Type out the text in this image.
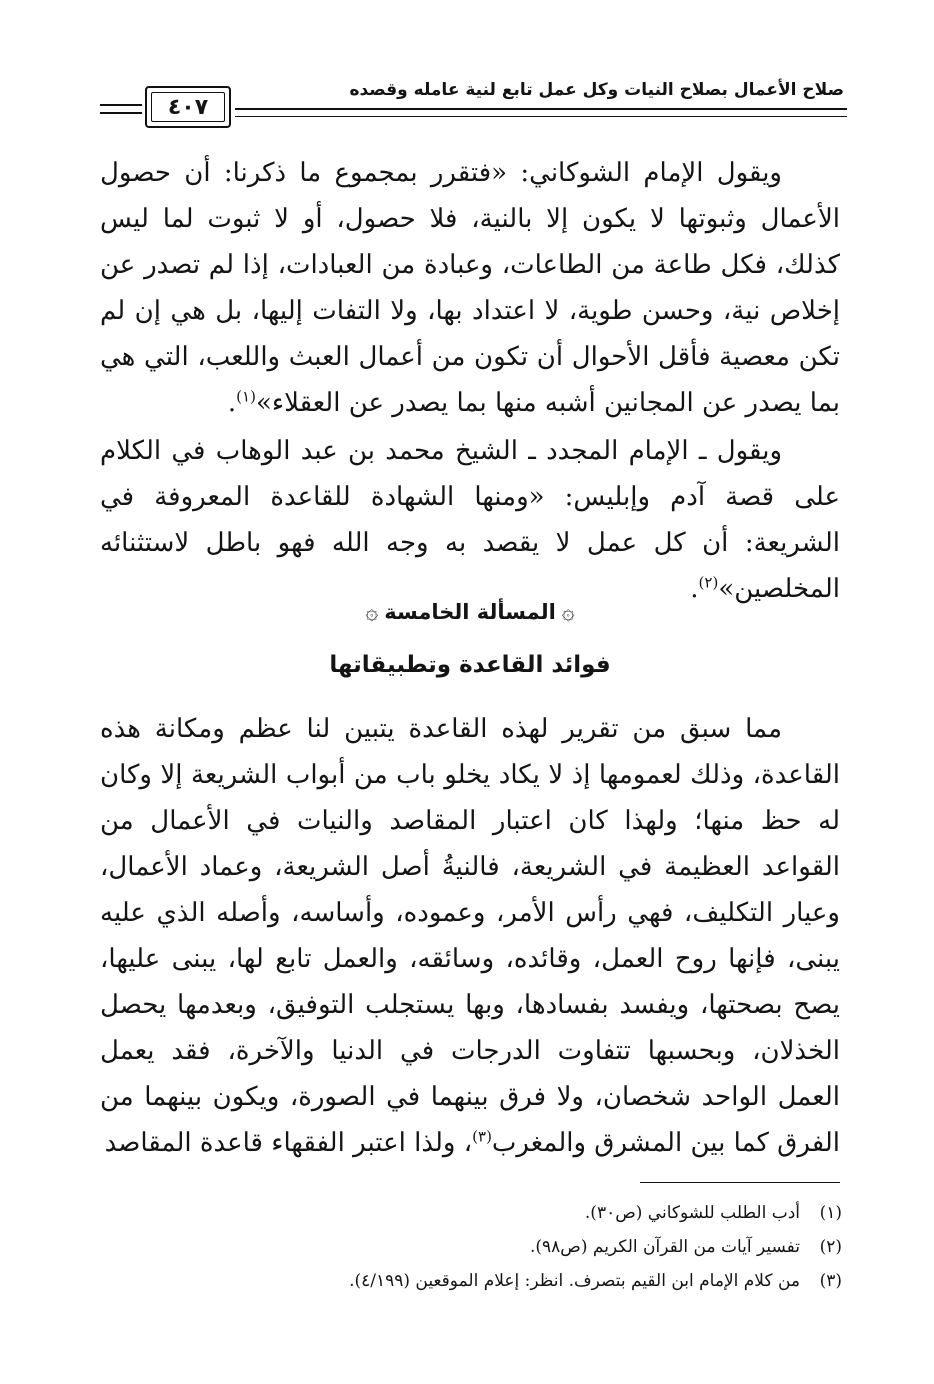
صلاح الأعمال بصلاح النيات وكل عمل تابع لنية عامله وقصده
٤٠٧

ويقول الإمام الشوكاني: «فتقرر بمجموع ما ذكرنا: أن حصول الأعمال وثبوتها لا يكون إلا بالنية، فلا حصول، أو لا ثبوت لما ليس كذلك، فكل طاعة من الطاعات، وعبادة من العبادات، إذا لم تصدر عن إخلاص نية، وحسن طوية، لا اعتداد بها، ولا التفات إليها، بل هي إن لم تكن معصية فأقل الأحوال أن تكون من أعمال العبث واللعب، التي هي بما يصدر عن المجانين أشبه منها بما يصدر عن العقلاء»$^{(١)}$.

ويقول ـ الإمام المجدد ـ الشيخ محمد بن عبد الوهاب في الكلام على قصة آدم وإبليس: «ومنها الشهادة للقاعدة المعروفة في الشريعة: أن كل عمل لا يقصد به وجه الله فهو باطل لاستثنائه المخلصين»$^{(٢)}$.

۞المسألة الخامسة۞
فوائد القاعدة وتطبيقاتها

مما سبق من تقرير لهذه القاعدة يتبين لنا عظم ومكانة هذه القاعدة، وذلك لعمومها إذ لا يكاد يخلو باب من أبواب الشريعة إلا وكان له حظ منها؛ ولهذا كان اعتبار المقاصد والنيات في الأعمال من القواعد العظيمة في الشريعة، فالنيةُ أصل الشريعة، وعماد الأعمال، وعيار التكليف، فهي رأس الأمر، وعموده، وأساسه، وأصله الذي عليه يبنى، فإنها روح العمل، وقائده، وسائقه، والعمل تابع لها، يبنى عليها، يصح بصحتها، ويفسد بفسادها، وبها يستجلب التوفيق، وبعدمها يحصل الخذلان، وبحسبها تتفاوت الدرجات في الدنيا والآخرة، فقد يعمل العمل الواحد شخصان، ولا فرق بينهما في الصورة، ويكون بينهما من الفرق كما بين المشرق والمغرب$^{(٣)}$، ولذا اعتبر الفقهاء قاعدة المقاصد

(١)أدب الطلب للشوكاني (ص٣٠).
(٢)تفسير آيات من القرآن الكريم (ص٩٨).
(٣)من كلام الإمام ابن القيم بتصرف. انظر: إعلام الموقعين (٤/١٩٩).
